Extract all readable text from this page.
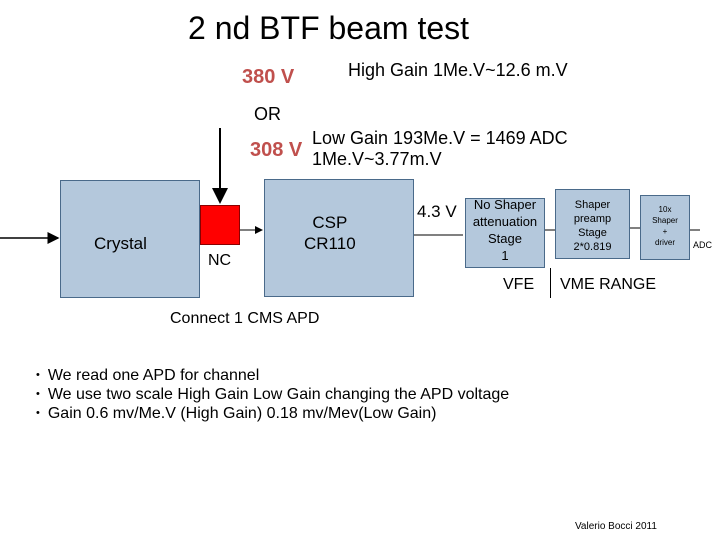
2 nd BTF beam test
380 V	High Gain 1Me.V~12.6 m.V
OR
308 V
Low Gain 193Me.V = 1469 ADC
1Me.V~3.77m.V
Crystal
NC
CSP
CR110
4.3 V	No Shaper
attenuation
Stage
1
Shaper
preamp
Stage
2*0.819
10x
Shaper
+
driver	ADC
VFE VME RANGE
Connect 1 CMS APD
• We read one APD for channel
• We use two scale High Gain Low Gain changing the APD voltage
• Gain 0.6 mv/Me.V (High Gain) 0.18 mv/Mev(Low Gain)
Valerio Bocci 2011
